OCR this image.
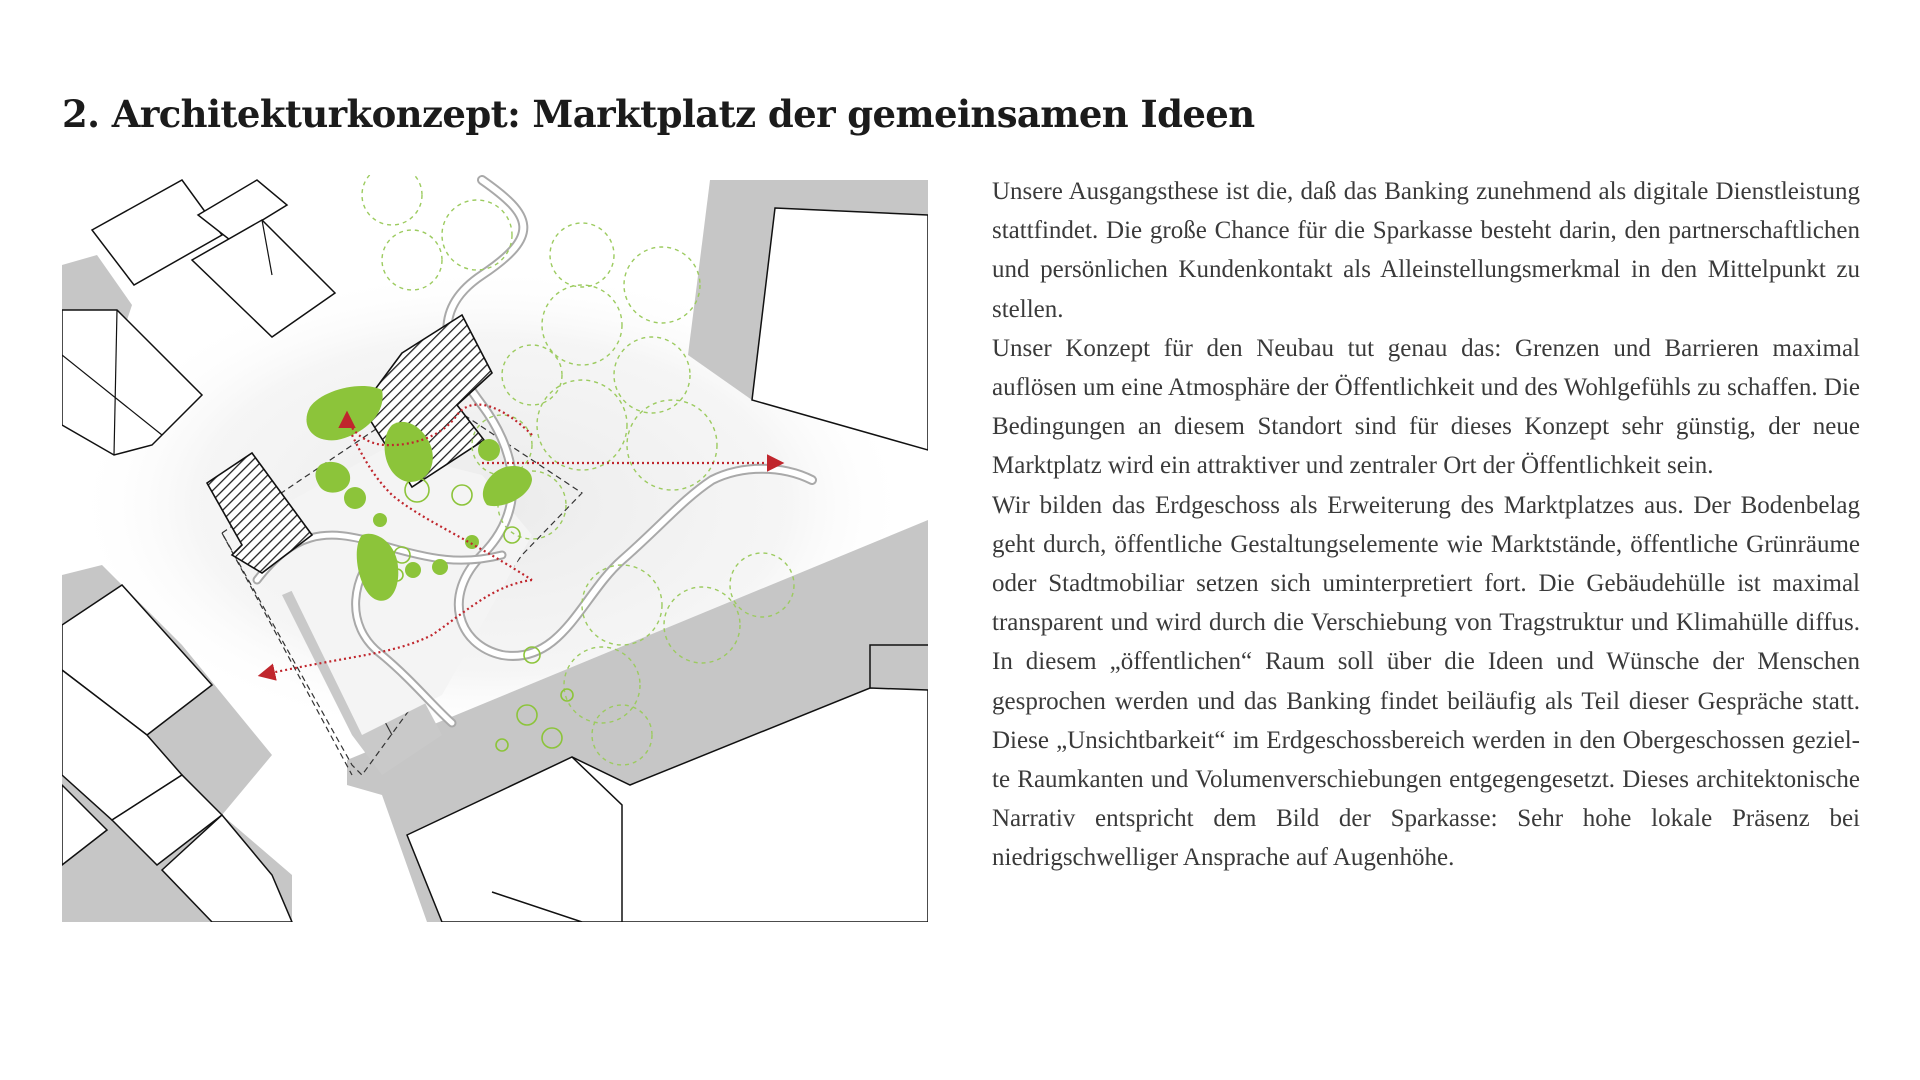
2. Architekturkonzept: Marktplatz der gemeinsamen Ideen

Unsere Ausgangsthese ist die, daß das Banking zunehmend als digitale Dienstleistung stattfindet. Die große Chance für die Sparkasse besteht darin, den partnerschaftlichen und persönlichen Kundenkontakt als Alleinstellungsmerkmal in den Mittelpunkt zu stellen.

Unser Konzept für den Neubau tut genau das: Grenzen und Barrieren maximal auflösen um eine Atmosphäre der Öffentlichkeit und des Wohlgefühls zu schaffen. Die Bedingungen an diesem Standort sind für dieses Konzept sehr günstig, der neue Marktplatz wird ein attraktiver und zentraler Ort der Öffentlichkeit sein.

Wir bilden das Erdgeschoss als Erweiterung des Marktplatzes aus. Der Bodenbelag geht durch, öffentliche Gestaltungselemente wie Marktstände, öffentliche Grünräume oder Stadtmobiliar setzen sich uminterpretiert fort. Die Gebäudehülle ist maximal transparent und wird durch die Verschiebung von Tragstruktur und Klimahülle diffus. In diesem „öffentlichen“ Raum soll über die Ideen und Wünsche der Menschen gesprochen werden und das Banking findet beiläufig als Teil dieser Gespräche statt. Diese „Unsichtbarkeit“ im Erdgeschossbereich werden in den Obergeschossen gezielte Raumkanten und Volumenverschiebungen entgegengesetzt. Dieses architektonische Narrativ entspricht dem Bild der Sparkasse: Sehr hohe lokale Präsenz bei niedrigschwelliger Ansprache auf Augenhöhe.
